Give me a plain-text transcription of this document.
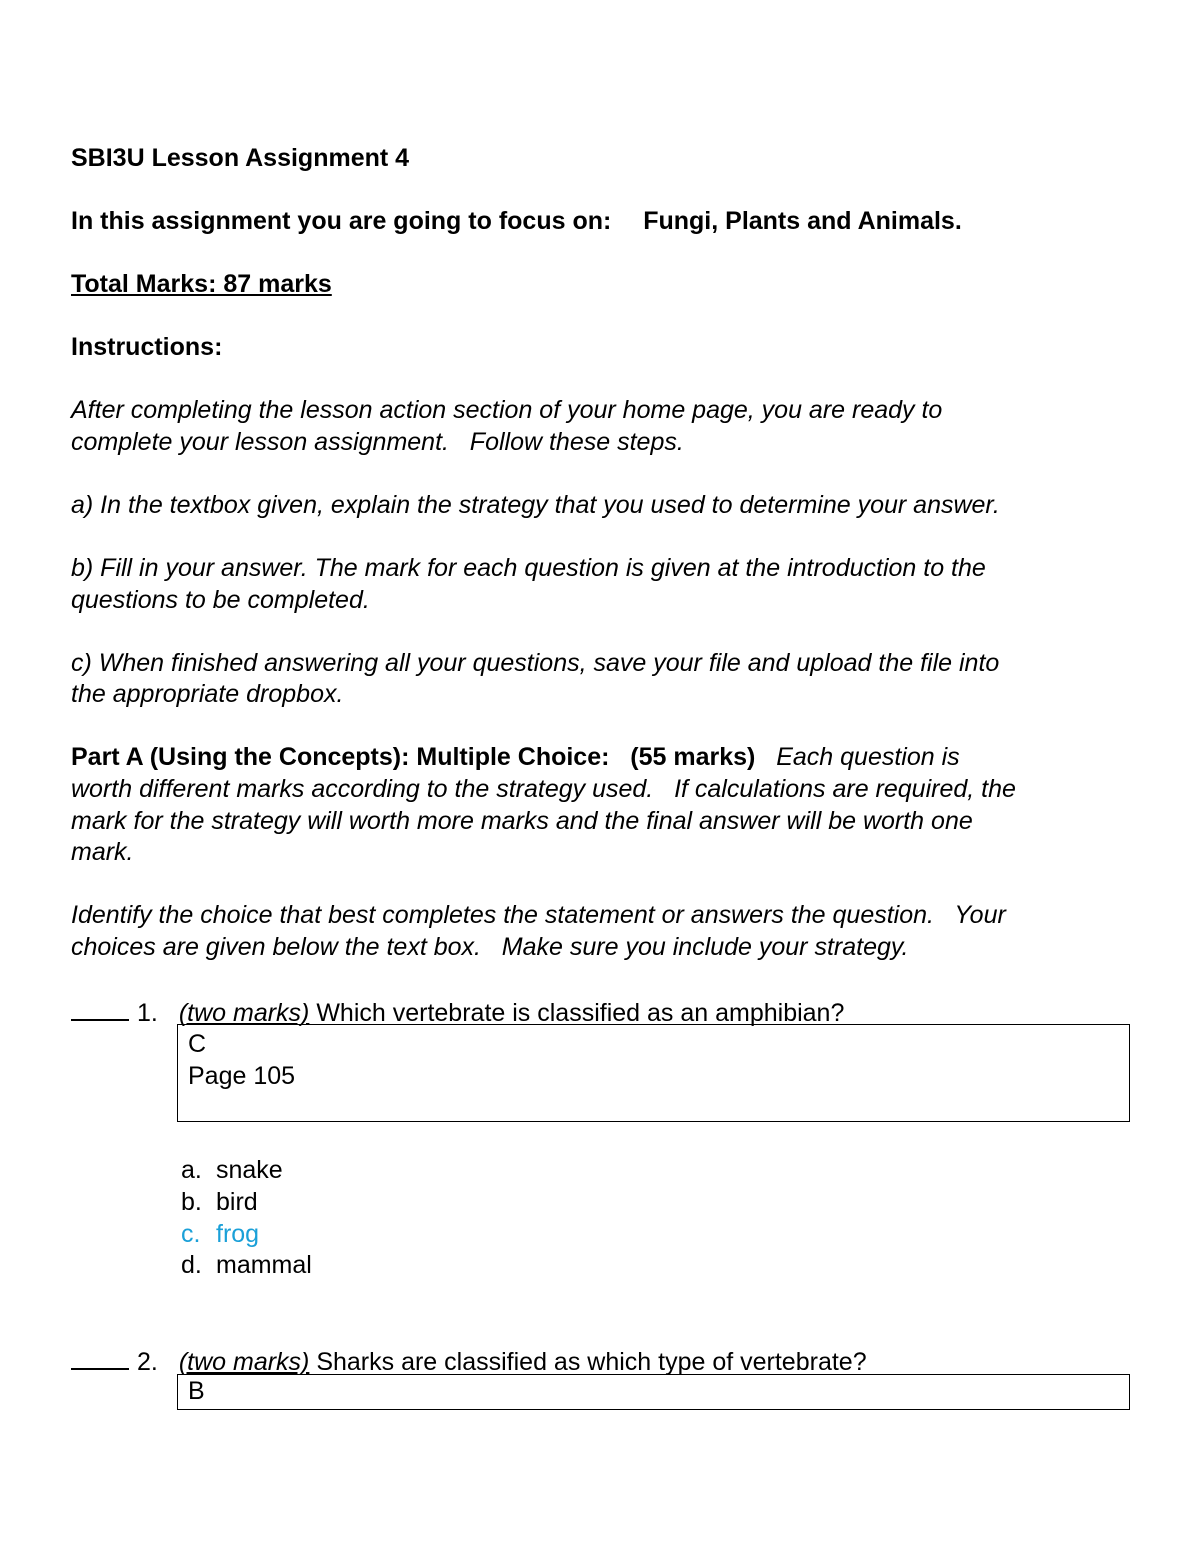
SBI3U Lesson Assignment 4
In this assignment you are going to focus on: Fungi, Plants and Animals.
Total Marks: 87 marks
Instructions:
After completing the lesson action section of your home page, you are ready to
complete your lesson assignment.   Follow these steps.
a) In the textbox given, explain the strategy that you used to determine your answer.
b) Fill in your answer. The mark for each question is given at the introduction to the
questions to be completed.
c) When finished answering all your questions, save your file and upload the file into
the appropriate dropbox.
Part A (Using the Concepts): Multiple Choice:   (55 marks) Each question is
worth different marks according to the strategy used.   If calculations are required, the
mark for the strategy will worth more marks and the final answer will be worth one
mark.
Identify the choice that best completes the statement or answers the question.   Your
choices are given below the text box.   Make sure you include your strategy.
1. (two marks) Which vertebrate is classified as an amphibian?
C
Page 105
a. snake
b. bird
c. frog
d. mammal
2. (two marks) Sharks are classified as which type of vertebrate?
B
